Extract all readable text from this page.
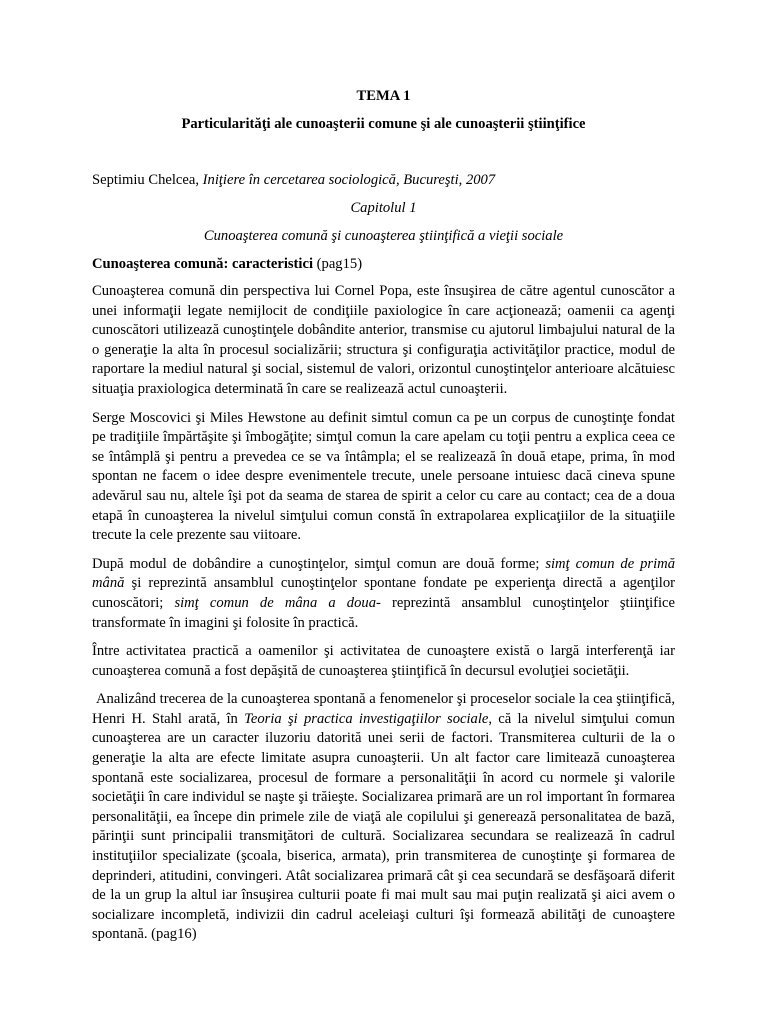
TEMA 1

Particularităţi ale cunoaşterii comune şi ale cunoaşterii ştiinţifice

Septimiu Chelcea, Iniţiere în cercetarea sociologică, Bucureşti, 2007

Capitolul 1

Cunoaşterea comună şi cunoaşterea ştiinţifică a vieţii sociale

Cunoaşterea comună: caracteristici (pag15)

Cunoaşterea comună din perspectiva lui Cornel Popa, este însuşirea de către agentul cunoscător a unei informaţii legate nemijlocit de condiţiile paxiologice în care acţionează; oamenii ca agenţi cunoscători utilizează cunoştinţele dobândite anterior, transmise cu ajutorul limbajului natural de la o generaţie la alta în procesul socializării; structura şi configuraţia activităţilor practice, modul de raportare la mediul natural şi social, sistemul de valori, orizontul cunoştinţelor anterioare alcătuiesc situaţia praxiologica determinată în care se realizează actul cunoaşterii.

Serge Moscovici şi Miles Hewstone au definit simtul comun ca pe un corpus de cunoştinţe fondat pe tradiţiile împărtăşite şi îmbogăţite; simţul comun la care apelam cu toţii pentru a explica ceea ce se întâmplă şi pentru a prevedea ce se va întâmpla; el se realizează în două etape, prima, în mod spontan ne facem o idee despre evenimentele trecute, unele persoane intuiesc dacă cineva spune adevărul sau nu, altele îşi pot da seama de starea de spirit a celor cu care au contact; cea de a doua etapă în cunoaşterea la nivelul simţului comun constă în extrapolarea explicaţiilor de la situaţiile trecute la cele prezente sau viitoare.

După modul de dobândire a cunoştinţelor, simţul comun are două forme; simţ comun de primă mână şi reprezintă ansamblul cunoştinţelor spontane fondate pe experienţa directă a agenţilor cunoscători; simţ comun de mâna a doua- reprezintă ansamblul cunoştinţelor ştiinţifice transformate în imagini şi folosite în practică.

Între activitatea practică a oamenilor şi activitatea de cunoaştere există o largă interferenţă iar cunoaşterea comună a fost depăşită de cunoaşterea ştiinţifică în decursul evoluţiei societăţii.

Analizând trecerea de la cunoaşterea spontană a fenomenelor şi proceselor sociale la cea ştiinţifică, Henri H. Stahl arată, în Teoria şi practica investigaţiilor sociale, că la nivelul simţului comun cunoaşterea are un caracter iluzoriu datorită unei serii de factori. Transmiterea culturii de la o generaţie la alta are efecte limitate asupra cunoaşterii. Un alt factor care limitează cunoaşterea spontană este socializarea, procesul de formare a personalităţii în acord cu normele şi valorile societăţii în care individul se naşte şi trăieşte. Socializarea primară are un rol important în formarea personalităţii, ea începe din primele zile de viaţă ale copilului şi generează personalitatea de bază, părinţii sunt principalii transmiţători de cultură. Socializarea secundara se realizează în cadrul instituţiilor specializate (şcoala, biserica, armata), prin transmiterea de cunoştinţe şi formarea de deprinderi, atitudini, convingeri. Atât socializarea primară cât şi cea secundară se desfăşoară diferit de la un grup la altul iar însuşirea culturii poate fi mai mult sau mai puţin realizată şi aici avem o socializare incompletă, indivizii din cadrul aceleiaşi culturi îşi formează abilităţi de cunoaştere spontană. (pag16)
